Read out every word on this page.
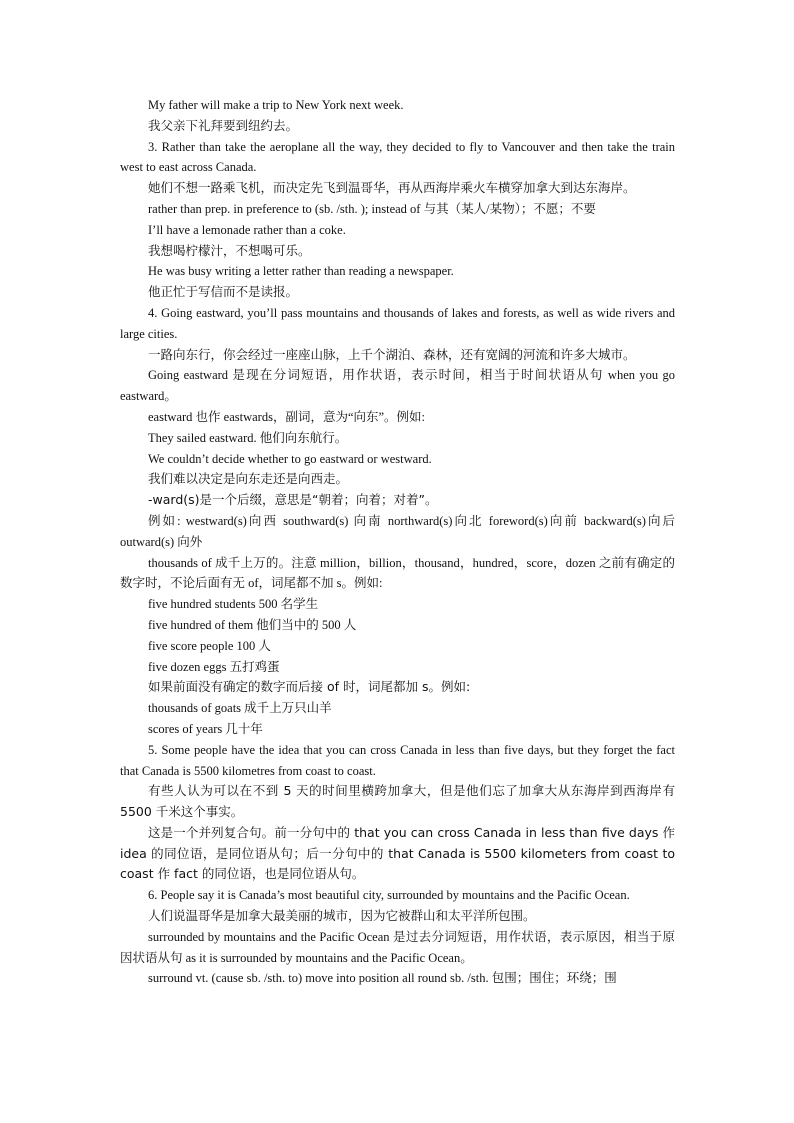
My father will make a trip to New York next week.

我父亲下礼拜要到纽约去。

3. Rather than take the aeroplane all the way, they decided to fly to Vancouver and then take the train west to east across Canada.

她们不想一路乘飞机，而决定先飞到温哥华，再从西海岸乘火车横穿加拿大到达东海岸。

rather than prep. in preference to (sb. /sth. ); instead of 与其（某人/某物）；不愿；不要

I’ll have a lemonade rather than a coke.

我想喝柠檬汁，不想喝可乐。

He was busy writing a letter rather than reading a newspaper.

他正忙于写信而不是读报。

4. Going eastward, you’ll pass mountains and thousands of lakes and forests, as well as wide rivers and large cities.

一路向东行，你会经过一座座山脉，上千个湖泊、森林，还有宽阔的河流和许多大城市。

Going eastward 是现在分词短语，用作状语，表示时间，相当于时间状语从句 when you go eastward。

eastward 也作 eastwards，副词，意为“向东”。例如:

They sailed eastward. 他们向东航行。

We couldn’t decide whether to go eastward or westward.

我们难以决定是向东走还是向西走。

-ward(s)是一个后缀，意思是“朝着；向着；对着”。

例如: westward(s)向西 southward(s) 向南 northward(s)向北 foreword(s)向前 backward(s)向后 outward(s) 向外

thousands of 成千上万的。注意 million，billion，thousand，hundred，score，dozen 之前有确定的数字时，不论后面有无 of，词尾都不加 s。例如:

five hundred students 500 名学生

five hundred of them 他们当中的 500 人

five score people 100 人

five dozen eggs 五打鸡蛋

如果前面没有确定的数字而后接 of 时，词尾都加 s。例如:

thousands of goats 成千上万只山羊

scores of years 几十年

5. Some people have the idea that you can cross Canada in less than five days, but they forget the fact that Canada is 5500 kilometres from coast to coast.

有些人认为可以在不到 5 天的时间里横跨加拿大，但是他们忘了加拿大从东海岸到西海岸有 5500 千米这个事实。

这是一个并列复合句。前一分句中的 that you can cross Canada in less than five days 作 idea 的同位语，是同位语从句；后一分句中的 that Canada is 5500 kilometers from coast to coast 作 fact 的同位语，也是同位语从句。

6. People say it is Canada’s most beautiful city, surrounded by mountains and the Pacific Ocean.

人们说温哥华是加拿大最美丽的城市，因为它被群山和太平洋所包围。

surrounded by mountains and the Pacific Ocean 是过去分词短语，用作状语，表示原因，相当于原因状语从句 as it is surrounded by mountains and the Pacific Ocean。

surround vt. (cause sb. /sth. to) move into position all round sb. /sth. 包围；围住；环绕；围
